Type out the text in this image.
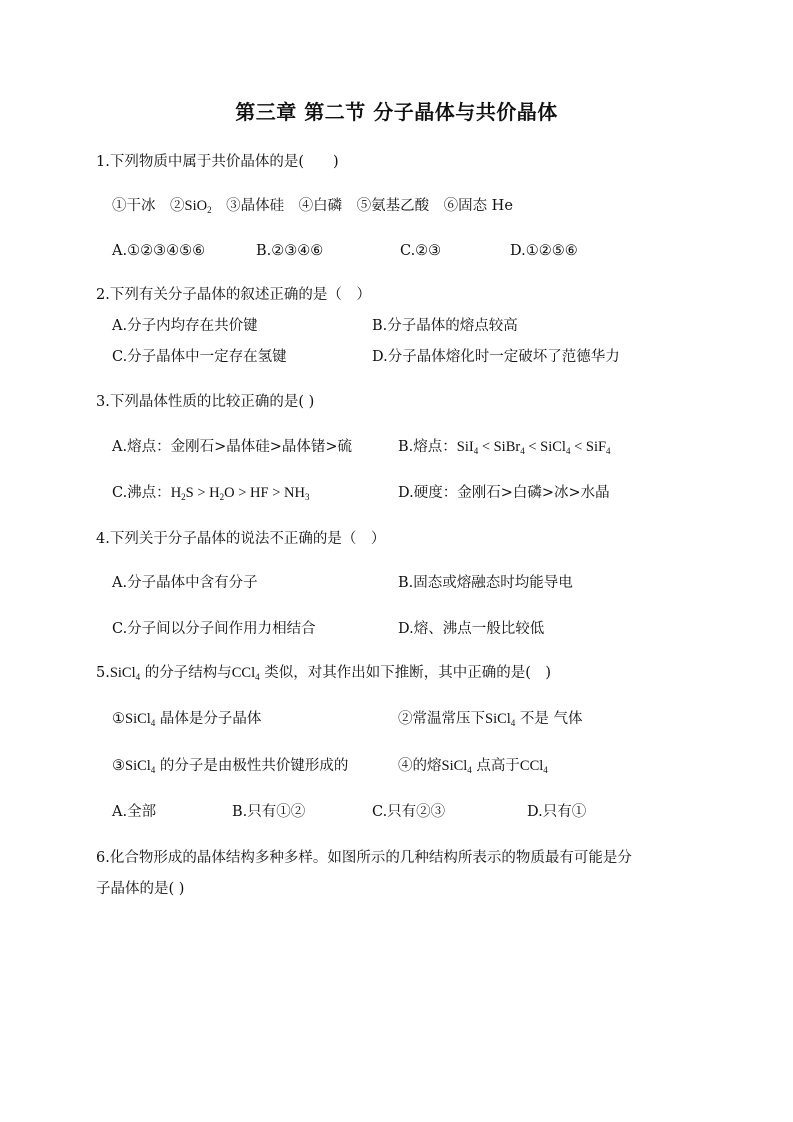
第三章 第二节 分子晶体与共价晶体
1.下列物质中属于共价晶体的是(　　)
①干冰　②SiO$_2$　③晶体硅　④白磷　⑤氨基乙酸　⑥固态 He
A.①②③④⑤⑥	B.②③④⑥	C.②③	D.①②⑤⑥
2.下列有关分子晶体的叙述正确的是（　）
A.分子内均存在共价键	B.分子晶体的熔点较高
C.分子晶体中一定存在氢键	D.分子晶体熔化时一定破坏了范德华力
3.下列晶体性质的比较正确的是( )
A.熔点：金刚石>晶体硅>晶体锗>硫	B.熔点：SiI$_4$ < SiBr$_4$ < SiCl$_4$ < SiF$_4$
C.沸点：$H_2S > H_2O$ > HF > $NH_3$	D.硬度：金刚石>白磷>冰>水晶
4.下列关于分子晶体的说法不正确的是（　）
A.分子晶体中含有分子	B.固态或熔融态时均能导电
C.分子间以分子间作用力相结合	D.熔、沸点一般比较低
5.SiCl$_4$ 的分子结构与CCl$_4$ 类似，对其作出如下推断，其中正确的是(　)
①SiCl$_4$ 晶体是分子晶体	②常温常压下SiCl$_4$ 不是 气体
③SiCl$_4$ 的分子是由极性共价键形成的	④的熔SiCl$_4$ 点高于CCl$_4$
A.全部	B.只有①②	C.只有②③	D.只有①
6.化合物形成的晶体结构多种多样。如图所示的几种结构所表示的物质最有可能是分
子晶体的是( )
